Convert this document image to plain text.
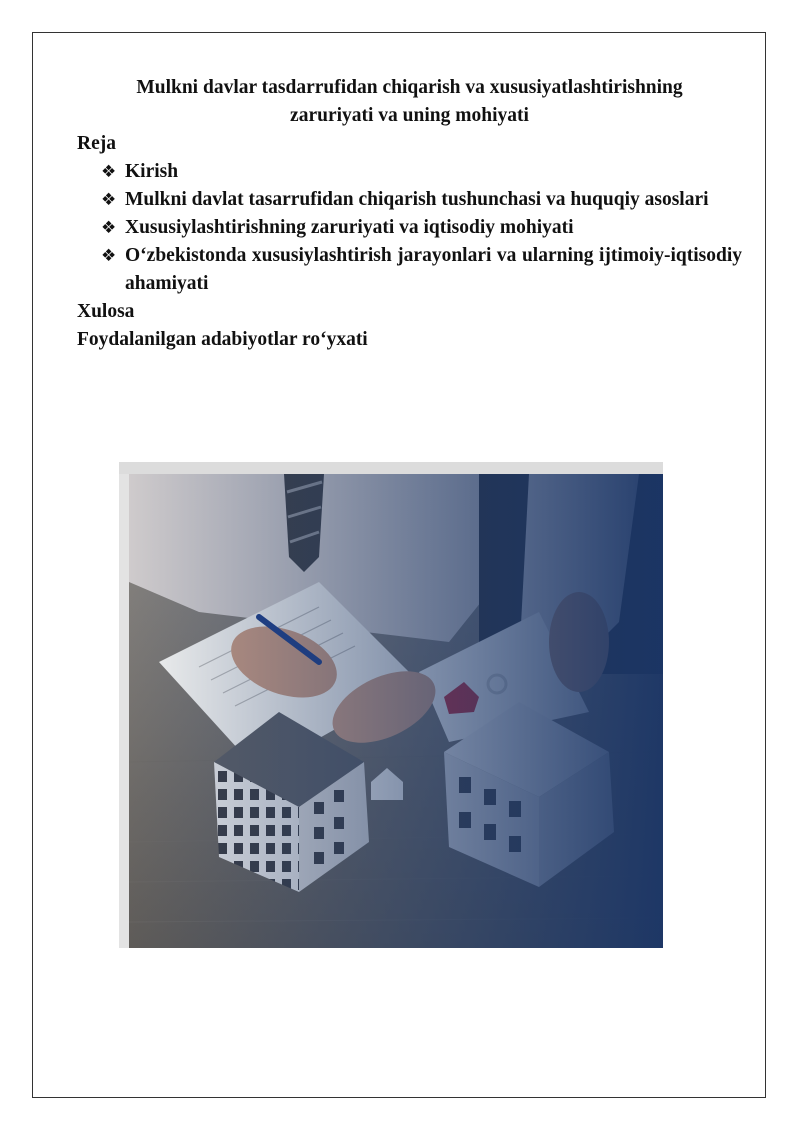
Mulkni davlar tasdarrufidan chiqarish va xususiyatlashtirishning
zaruriyati va uning mohiyati

Reja

❖ Kirish
❖ Mulkni davlat tasarrufidan chiqarish tushunchasi va huquqiy asoslari
❖ Xususiylashtirishning zaruriyati va iqtisodiy mohiyati
❖ O‘zbekistonda xususiylashtirish jarayonlari va ularning ijtimoiy-iqtisodiy ahamiyati

Xulosa

Foydalanilgan adabiyotlar ro‘yxati
